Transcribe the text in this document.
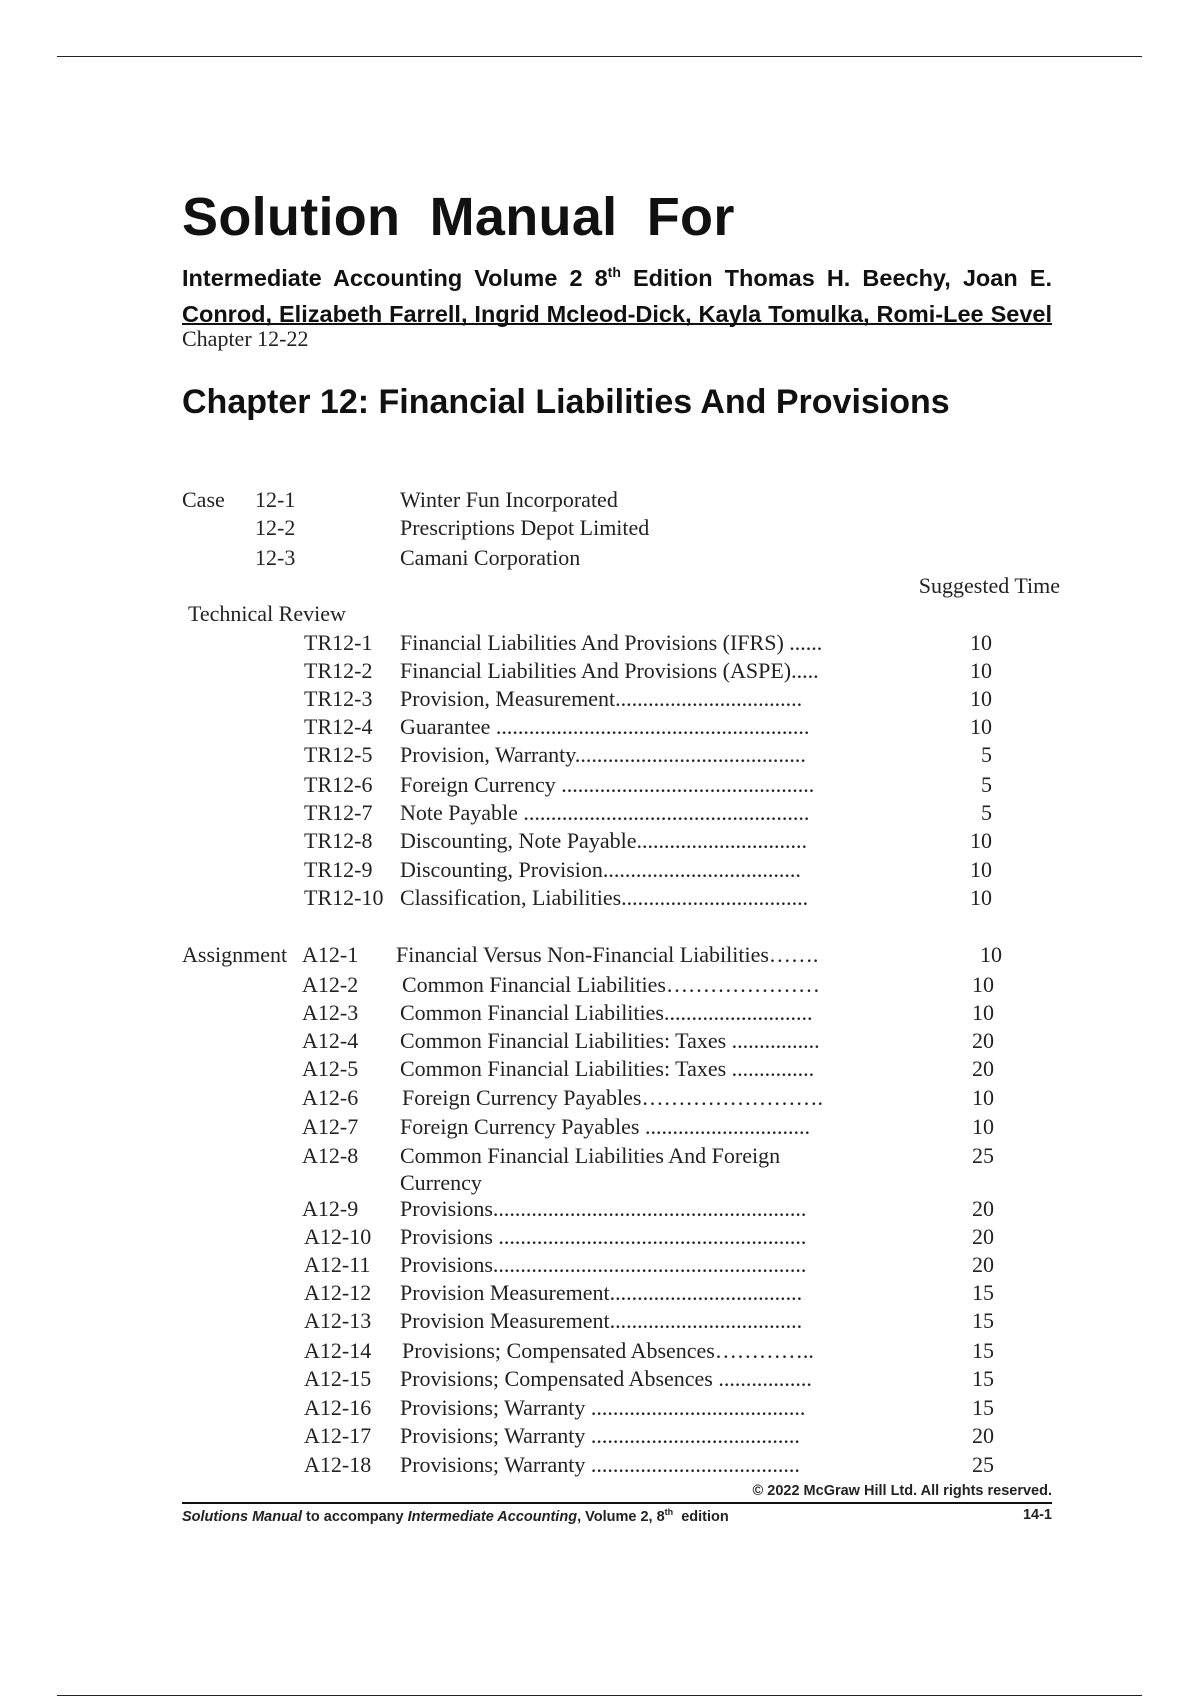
Solution Manual For

Intermediate Accounting Volume 2 8th Edition Thomas H. Beechy, Joan E. Conrod, Elizabeth Farrell, Ingrid Mcleod-Dick, Kayla Tomulka, Romi-Lee Sevel

Chapter 12-22
Chapter 12: Financial Liabilities And Provisions
Case 12-1	Winter Fun Incorporated
12-2	Prescriptions Depot Limited
12-3	Camani Corporation
Suggested Time
Technical Review
TR12-1 Financial Liabilities And Provisions (IFRS) ......	10
TR12-2 Financial Liabilities And Provisions (ASPE).....	10
TR12-3 Provision, Measurement..................................	10
TR12-4 Guarantee .........................................................	10
TR12-5 Provision, Warranty..........................................	5
TR12-6 Foreign Currency ..............................................	5
TR12-7 Note Payable ....................................................	5
TR12-8 Discounting, Note Payable...............................	10
TR12-9 Discounting, Provision....................................	10
TR12-10 Classification, Liabilities..................................	10
Assignment A12-1 Financial Versus Non-Financial Liabilities…….	10
A12-2 Common Financial Liabilities…………………	10
A12-3 Common Financial Liabilities...........................	10
A12-4 Common Financial Liabilities: Taxes ................	20
A12-5 Common Financial Liabilities: Taxes ...............	20
A12-6 Foreign Currency Payables…………………….	10
A12-7 Foreign Currency Payables ..............................	10
A12-8 Common Financial Liabilities And Foreign	25
Currency
A12-9 Provisions.........................................................	20
A12-10 Provisions ........................................................	20
A12-11 Provisions.........................................................	20
A12-12 Provision Measurement...................................	15
A12-13 Provision Measurement...................................	15
A12-14 Provisions; Compensated Absences…………..	15
A12-15 Provisions; Compensated Absences .................	15
A12-16 Provisions; Warranty .......................................	15
A12-17 Provisions; Warranty ......................................	20
A12-18 Provisions; Warranty ......................................	25
© 2022 McGraw Hill Ltd. All rights reserved.
Solutions Manual to accompany Intermediate Accounting, Volume 2, 8th  edition	14-1
